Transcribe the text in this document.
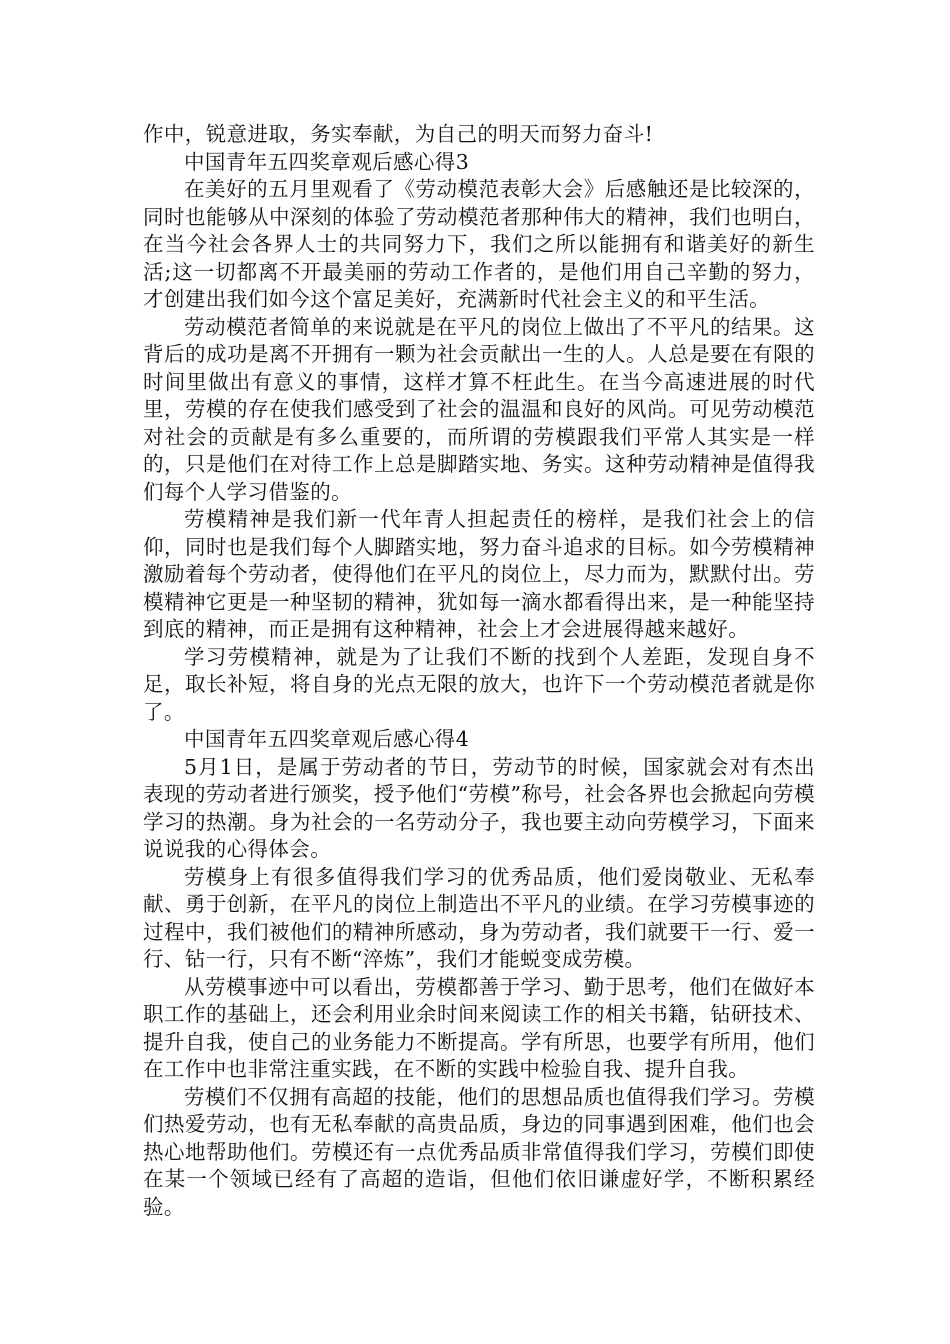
作中，锐意进取，务实奉献，为自己的明天而努力奋斗!

中国青年五四奖章观后感心得3

在美好的五月里观看了《劳动模范表彰大会》后感触还是比较深的，同时也能够从中深刻的体验了劳动模范者那种伟大的精神，我们也明白，在当今社会各界人士的共同努力下，我们之所以能拥有和谐美好的新生活;这一切都离不开最美丽的劳动工作者的，是他们用自己辛勤的努力，才创建出我们如今这个富足美好，充满新时代社会主义的和平生活。

劳动模范者简单的来说就是在平凡的岗位上做出了不平凡的结果。这背后的成功是离不开拥有一颗为社会贡献出一生的人。人总是要在有限的时间里做出有意义的事情，这样才算不枉此生。在当今高速进展的时代里，劳模的存在使我们感受到了社会的温温和良好的风尚。可见劳动模范对社会的贡献是有多么重要的，而所谓的劳模跟我们平常人其实是一样的，只是他们在对待工作上总是脚踏实地、务实。这种劳动精神是值得我们每个人学习借鉴的。

劳模精神是我们新一代年青人担起责任的榜样，是我们社会上的信仰，同时也是我们每个人脚踏实地，努力奋斗追求的目标。如今劳模精神激励着每个劳动者，使得他们在平凡的岗位上，尽力而为，默默付出。劳模精神它更是一种坚韧的精神，犹如每一滴水都看得出来，是一种能坚持到底的精神，而正是拥有这种精神，社会上才会进展得越来越好。

学习劳模精神，就是为了让我们不断的找到个人差距，发现自身不足，取长补短，将自身的光点无限的放大，也许下一个劳动模范者就是你了。

中国青年五四奖章观后感心得4

5月1日，是属于劳动者的节日，劳动节的时候，国家就会对有杰出表现的劳动者进行颁奖，授予他们“劳模”称号，社会各界也会掀起向劳模学习的热潮。身为社会的一名劳动分子，我也要主动向劳模学习，下面来说说我的心得体会。

劳模身上有很多值得我们学习的优秀品质，他们爱岗敬业、无私奉献、勇于创新，在平凡的岗位上制造出不平凡的业绩。在学习劳模事迹的过程中，我们被他们的精神所感动，身为劳动者，我们就要干一行、爱一行、钻一行，只有不断“淬炼”，我们才能蜕变成劳模。

从劳模事迹中可以看出，劳模都善于学习、勤于思考，他们在做好本职工作的基础上，还会利用业余时间来阅读工作的相关书籍，钻研技术、提升自我，使自己的业务能力不断提高。学有所思，也要学有所用，他们在工作中也非常注重实践，在不断的实践中检验自我、提升自我。

劳模们不仅拥有高超的技能，他们的思想品质也值得我们学习。劳模们热爱劳动，也有无私奉献的高贵品质，身边的同事遇到困难，他们也会热心地帮助他们。劳模还有一点优秀品质非常值得我们学习，劳模们即使在某一个领域已经有了高超的造诣，但他们依旧谦虚好学，不断积累经验。
